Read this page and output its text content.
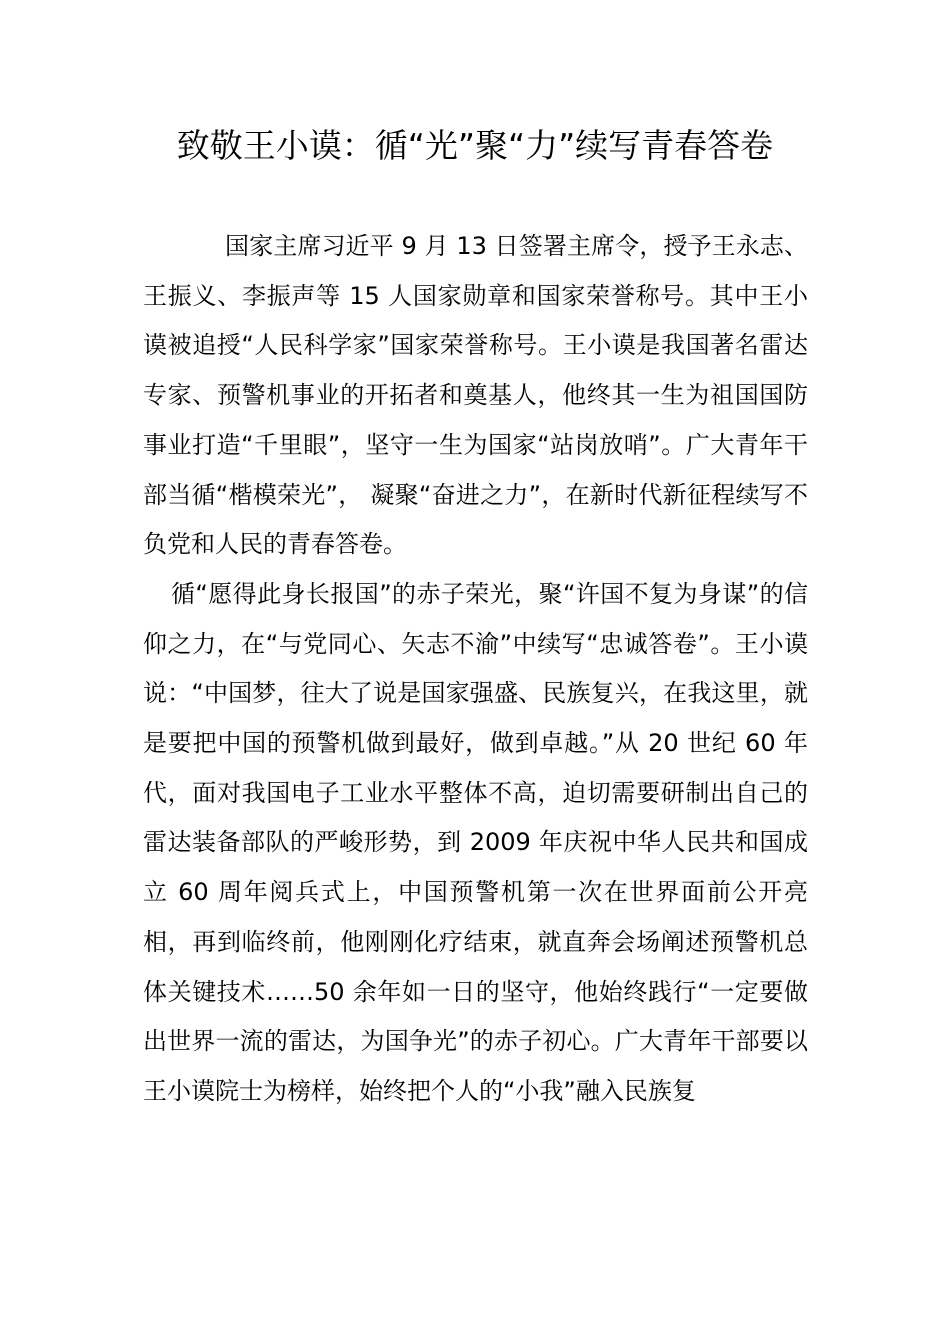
致敬王小谟：循“光”聚“力”续写青春答卷

国家主席习近平 9 月 13 日签署主席令，授予王永志、王振义、李振声等 15 人国家勋章和国家荣誉称号。其中王小谟被追授“人民科学家”国家荣誉称号。王小谟是我国著名雷达专家、预警机事业的开拓者和奠基人，他终其一生为祖国国防事业打造“千里眼”，坚守一生为国家“站岗放哨”。广大青年干部当循“楷模荣光”， 凝聚“奋进之力”，在新时代新征程续写不负党和人民的青春答卷。

循“愿得此身长报国”的赤子荣光，聚“许国不复为身谋”的信仰之力，在“与党同心、矢志不渝”中续写“忠诚答卷”。王小谟说：“中国梦，往大了说是国家强盛、民族复兴，在我这里，就是要把中国的预警机做到最好，做到卓越。”从 20 世纪 60 年代，面对我国电子工业水平整体不高，迫切需要研制出自己的雷达装备部队的严峻形势，到 2009 年庆祝中华人民共和国成立 60 周年阅兵式上，中国预警机第一次在世界面前公开亮相，再到临终前，他刚刚化疗结束，就直奔会场阐述预警机总体关键技术……50 余年如一日的坚守，他始终践行“一定要做出世界一流的雷达，为国争光”的赤子初心。广大青年干部要以王小谟院士为榜样，始终把个人的“小我”融入民族复
